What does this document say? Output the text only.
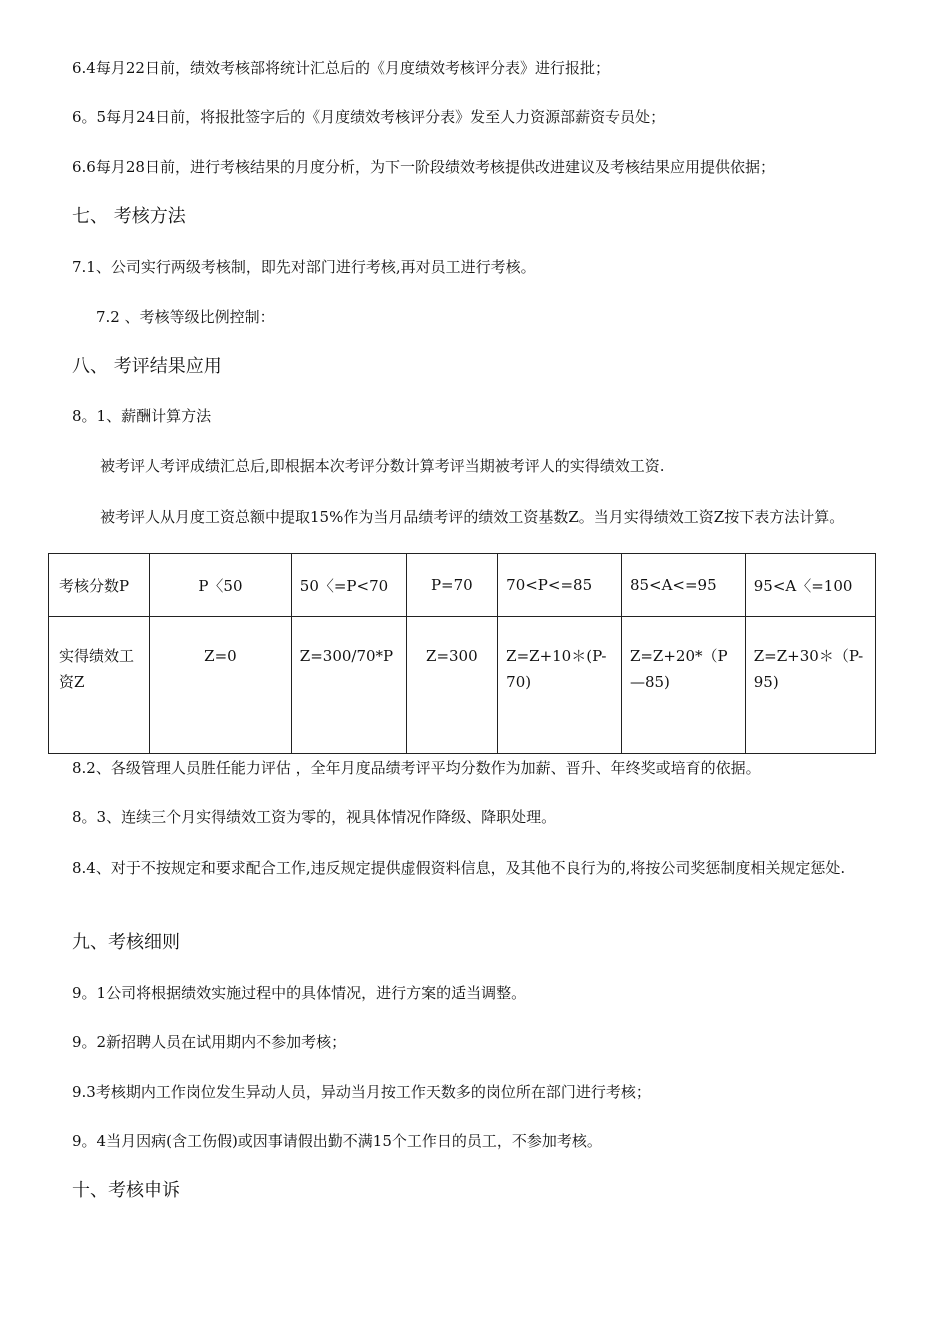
6.4每月22日前，绩效考核部将统计汇总后的《月度绩效考核评分表》进行报批；
6。5每月24日前，将报批签字后的《月度绩效考核评分表》发至人力资源部薪资专员处；
6.6每月28日前，进行考核结果的月度分析，为下一阶段绩效考核提供改进建议及考核结果应用提供依据；
七、 考核方法
7.1、公司实行两级考核制，即先对部门进行考核,再对员工进行考核。
7.2 、考核等级比例控制：
八、 考评结果应用
8。1、薪酬计算方法
被考评人考评成绩汇总后,即根据本次考评分数计算考评当期被考评人的实得绩效工资.
被考评人从月度工资总额中提取15%作为当月品绩考评的绩效工资基数Z。当月实得绩效工资Z按下表方法计算。
考核分数P	P〈50	50〈=P<70	P=70	70<P<=85	85<A<=95	95<A〈=100
实得绩效工资Z	Z=0	Z=300/70*P	Z=300	Z=Z+10＊(P-70)	Z=Z+20*（P—85)	Z=Z+30＊（P-95)
8.2、各级管理人员胜任能力评估 ，全年月度品绩考评平均分数作为加薪、晋升、年终奖或培育的依据。
8。3、连续三个月实得绩效工资为零的，视具体情况作降级、降职处理。
8.4、对于不按规定和要求配合工作,违反规定提供虚假资料信息，及其他不良行为的,将按公司奖惩制度相关规定惩处.
九、考核细则
9。1公司将根据绩效实施过程中的具体情况，进行方案的适当调整。
9。2新招聘人员在试用期内不参加考核；
9.3考核期内工作岗位发生异动人员，异动当月按工作天数多的岗位所在部门进行考核；
9。4当月因病(含工伤假)或因事请假出勤不满15个工作日的员工，不参加考核。
十、考核申诉
